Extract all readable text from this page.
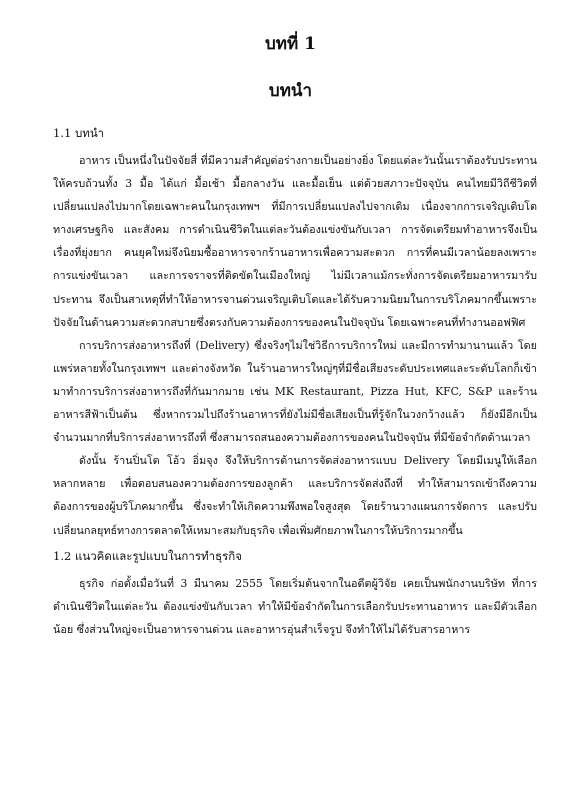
บทที่ 1
บทนำ
1.1 บทนำ

อาหาร เป็นหนึ่งในปัจจัยสี่ ที่มีความสำคัญต่อร่างกายเป็นอย่างยิ่ง โดยแต่ละวันนั้นเราต้องรับประทานให้ครบถ้วนทั้ง 3 มื้อ ได้แก่ มื้อเช้า มื้อกลางวัน และมื้อเย็น แต่ด้วยสภาวะปัจจุบัน คนไทยมีวิถีชีวิตที่เปลี่ยนแปลงไปมากโดยเฉพาะคนในกรุงเทพฯ ที่มีการเปลี่ยนแปลงไปจากเดิม เนื่องจากการเจริญเติบโตทางเศรษฐกิจ และสังคม การดำเนินชีวิตในแต่ละวันต้องแข่งขันกับเวลา การจัดเตรียมทำอาหารจึงเป็นเรื่องที่ยุ่งยาก คนยุคใหม่จึงนิยมซื้ออาหารจากร้านอาหารเพื่อความสะดวก การที่คนมีเวลาน้อยลงเพราะการแข่งขันเวลา และการจราจรที่ติดขัดในเมืองใหญ่ ไม่มีเวลาแม้กระทั่งการจัดเตรียมอาหารมารับประทาน จึงเป็นสาเหตุที่ทำให้อาหารจานด่วนเจริญเติบโตและได้รับความนิยมในการบริโภคมากขึ้นเพราะปัจจัยในด้านความสะดวกสบายซึ่งตรงกับความต้องการของคนในปัจจุบัน โดยเฉพาะคนที่ทำงานออฟฟิศ

การบริการส่งอาหารถึงที่ (Delivery) ซึ่งจริงๆไม่ใช่วิธีการบริการใหม่ และมีการทำมานานแล้ว โดยแพร่หลายทั้งในกรุงเทพฯ และต่างจังหวัด ในร้านอาหารใหญ่ๆที่มีชื่อเสียงระดับประเทศและระดับโลกก็เข้ามาทำการบริการส่งอาหารถึงที่กันมากมาย เช่น MK Restaurant, Pizza Hut, KFC, S&P และร้านอาหารสีฟ้าเป็นต้น ซึ่งหากรวมไปถึงร้านอาหารที่ยังไม่มีชื่อเสียงเป็นที่รู้จักในวงกว้างแล้ว ก็ยังมีอีกเป็นจำนวนมากที่บริการส่งอาหารถึงที่ ซึ่งสามารถสนองความต้องการของคนในปัจจุบัน ที่มีข้อจำกัดด้านเวลา

ดังนั้น ร้านปิ่นโต โอ้ว อิ่มจุง จึงให้บริการด้านการจัดส่งอาหารแบบ Delivery โดยมีเมนูให้เลือกหลากหลาย เพื่อตอบสนองความต้องการของลูกค้า และบริการจัดส่งถึงที่ ทำให้สามารถเข้าถึงความต้องการของผู้บริโภคมากขึ้น ซึ่งจะทำให้เกิดความพึงพอใจสูงสุด โดยร้านวางแผนการจัดการ และปรับเปลี่ยนกลยุทธ์ทางการตลาดให้เหมาะสมกับธุรกิจ เพื่อเพิ่มศักยภาพในการให้บริการมากขึ้น

1.2 แนวคิดและรูปแบบในการทำธุรกิจ

ธุรกิจ ก่อตั้งเมื่อวันที่ 3 มีนาคม 2555 โดยเริ่มต้นจากในอดีตผู้วิจัย เคยเป็นพนักงานบริษัท ที่การดำเนินชีวิตในแต่ละวัน ต้องแข่งขันกับเวลา ทำให้มีข้อจำกัดในการเลือกรับประทานอาหาร และมีตัวเลือกน้อย ซึ่งส่วนใหญ่จะเป็นอาหารจานด่วน และอาหารอุ่นสำเร็จรูป จึงทำให้ไม่ได้รับสารอาหาร
